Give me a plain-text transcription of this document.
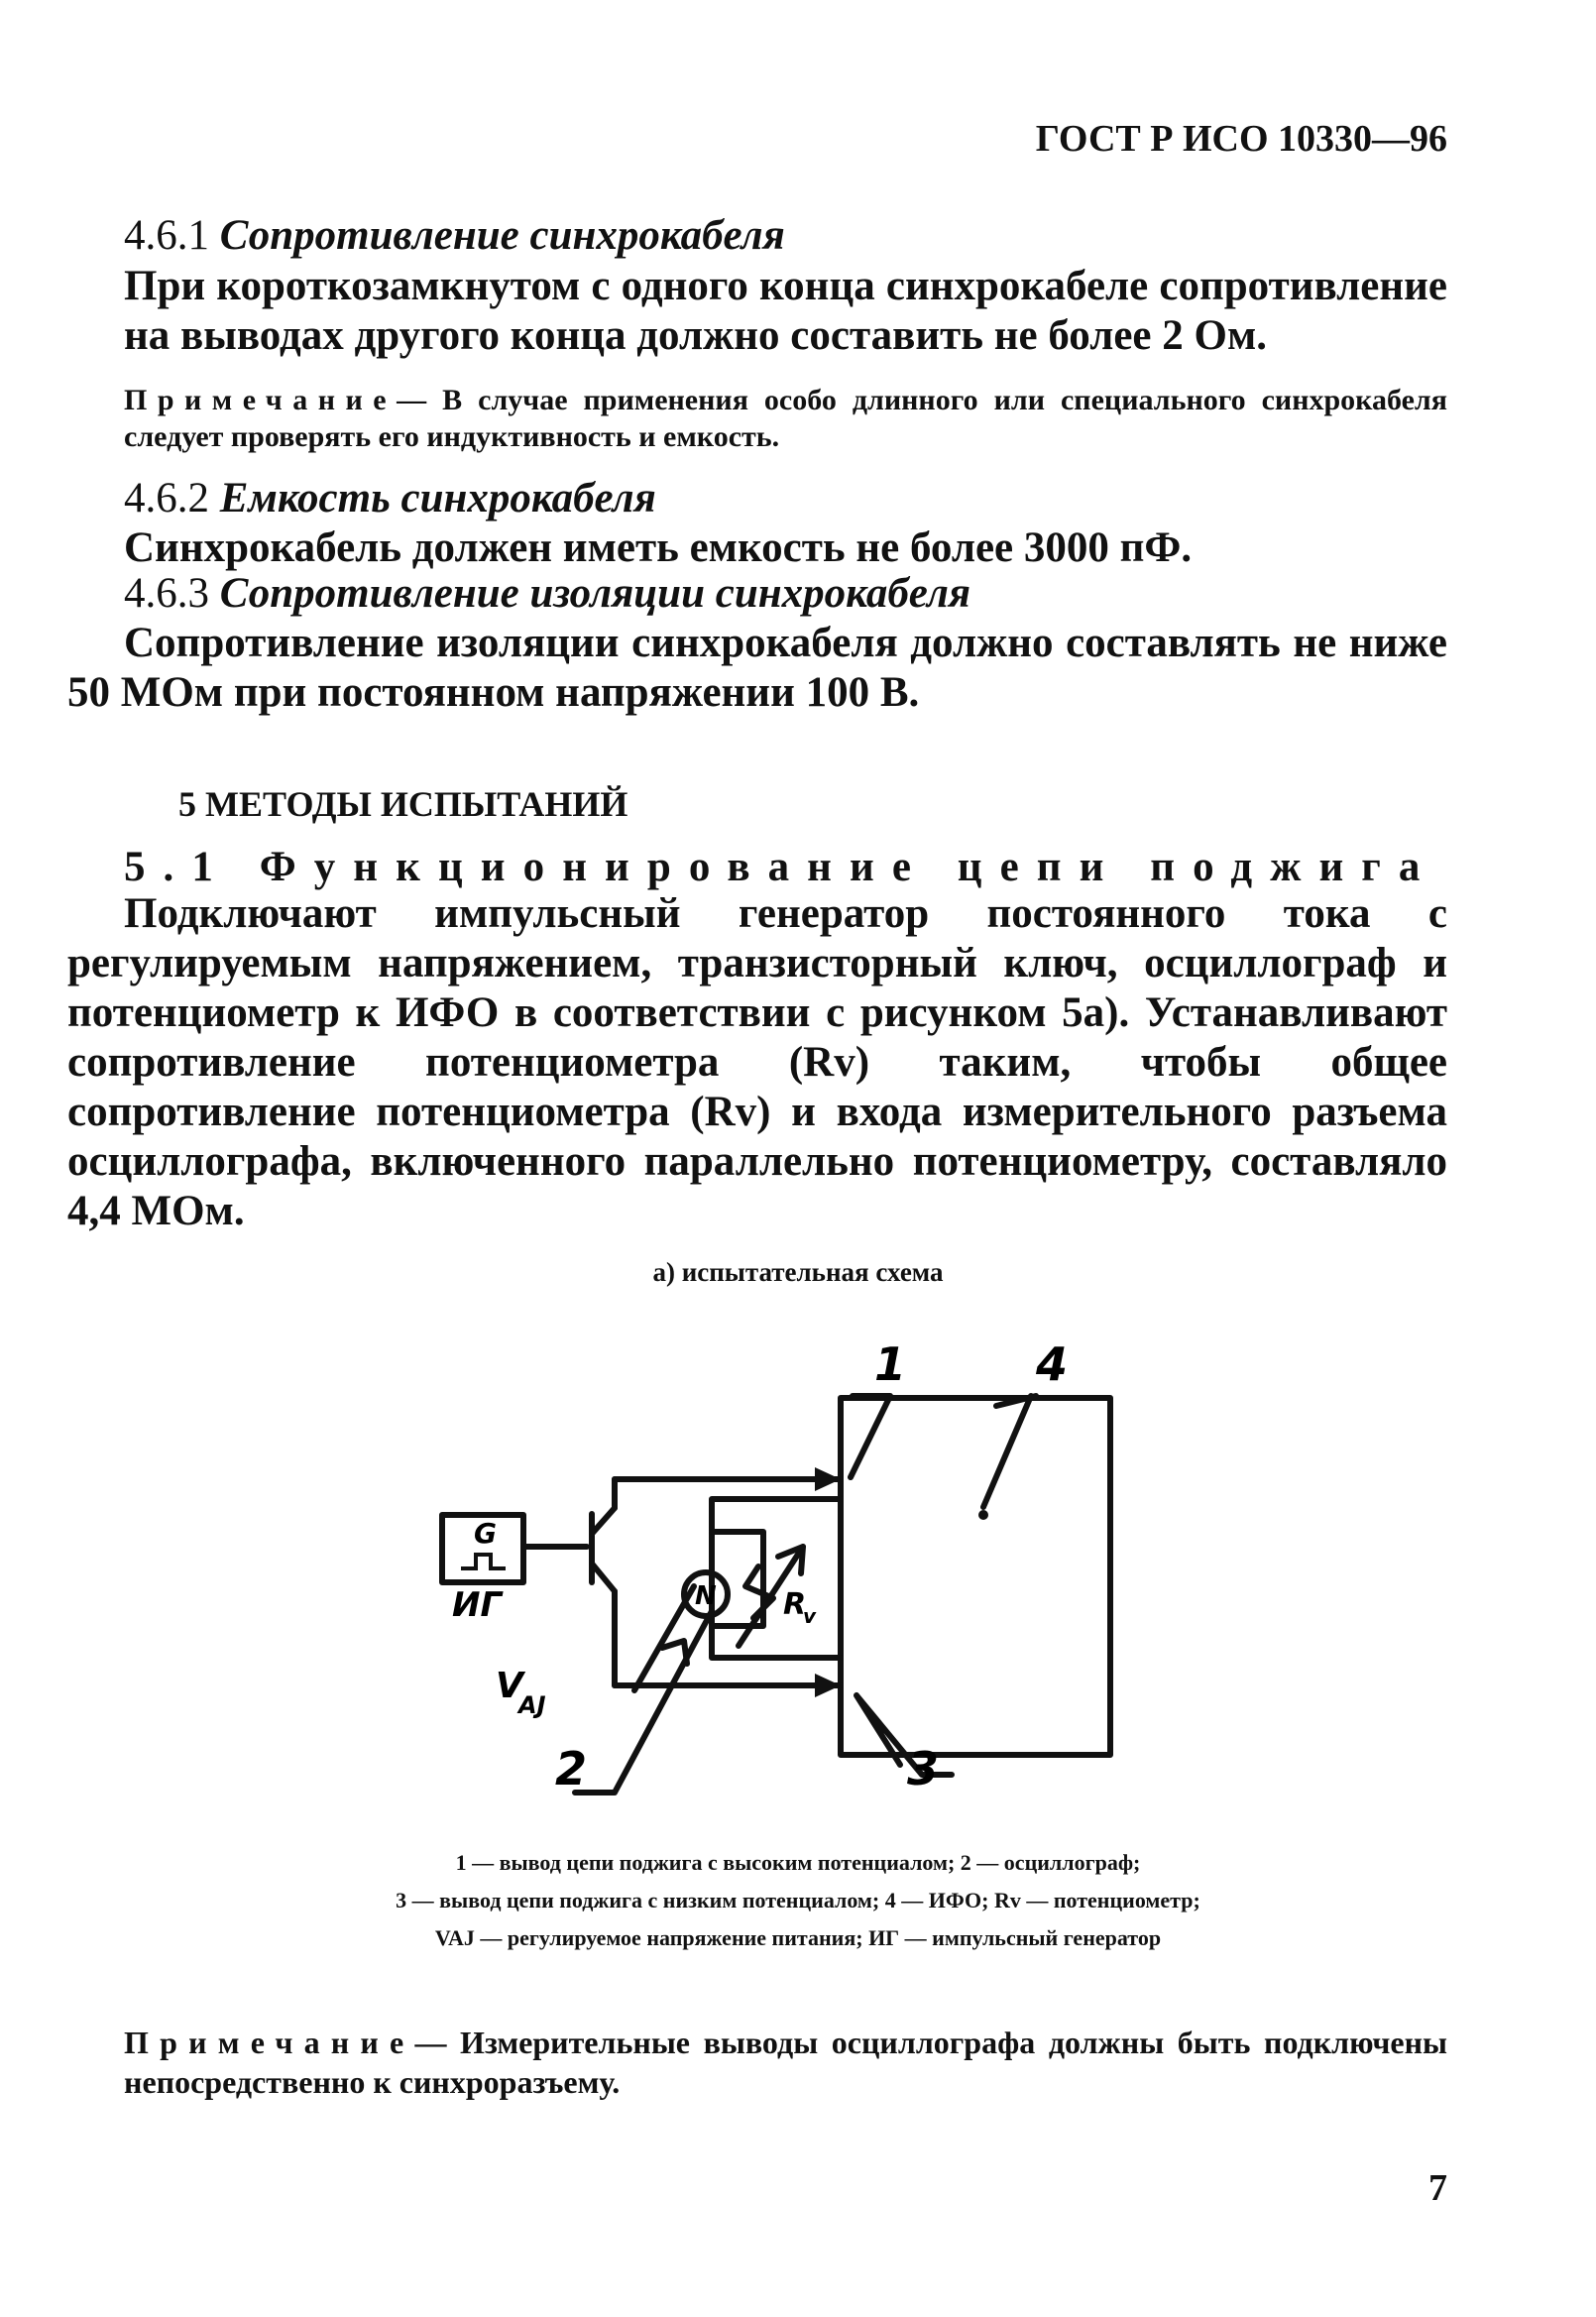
ГОСТ Р ИСО 10330—96
4.6.1 Сопротивление синхрокабеля
При короткозамкнутом с одного конца синхрокабеле сопротивление на выводах другого конца должно составить не более 2 Ом.
Примечание— В случае применения особо длинного или специального синхрокабеля следует проверять его индуктивность и емкость.
4.6.2 Емкость синхрокабеля
Синхрокабель должен иметь емкость не более 3000 пФ.
4.6.3 Сопротивление изоляции синхрокабеля
Сопротивление изоляции синхрокабеля должно составлять не ниже 50 МОм при постоянном напряжении 100 В.
5 МЕТОДЫ ИСПЫТАНИЙ
5.1 Функционирование цепи поджига
Подключают импульсный генератор постоянного тока с регулируемым напряжением, транзисторный ключ, осциллограф и потенциометр к ИФО в соответствии с рисунком 5а). Устанавливают сопротивление потенциометра (Rv) таким, чтобы общее сопротивление потенциометра (Rv) и входа измерительного разъема осциллографа, включенного параллельно потенциометру, составляло 4,4 МОм.
а) испытательная схема
G
ИГ	N R
v
V
AJ
1	4
2	3
1 — вывод цепи поджига с высоким потенциалом; 2 — осциллограф;
3 — вывод цепи поджига с низким потенциалом; 4 — ИФО; Rv — потенциометр;
VAJ — регулируемое напряжение питания; ИГ — импульсный генератор
Примечание— Измерительные выводы осциллографа должны быть подключены непосредственно к синхроразъему.
7
